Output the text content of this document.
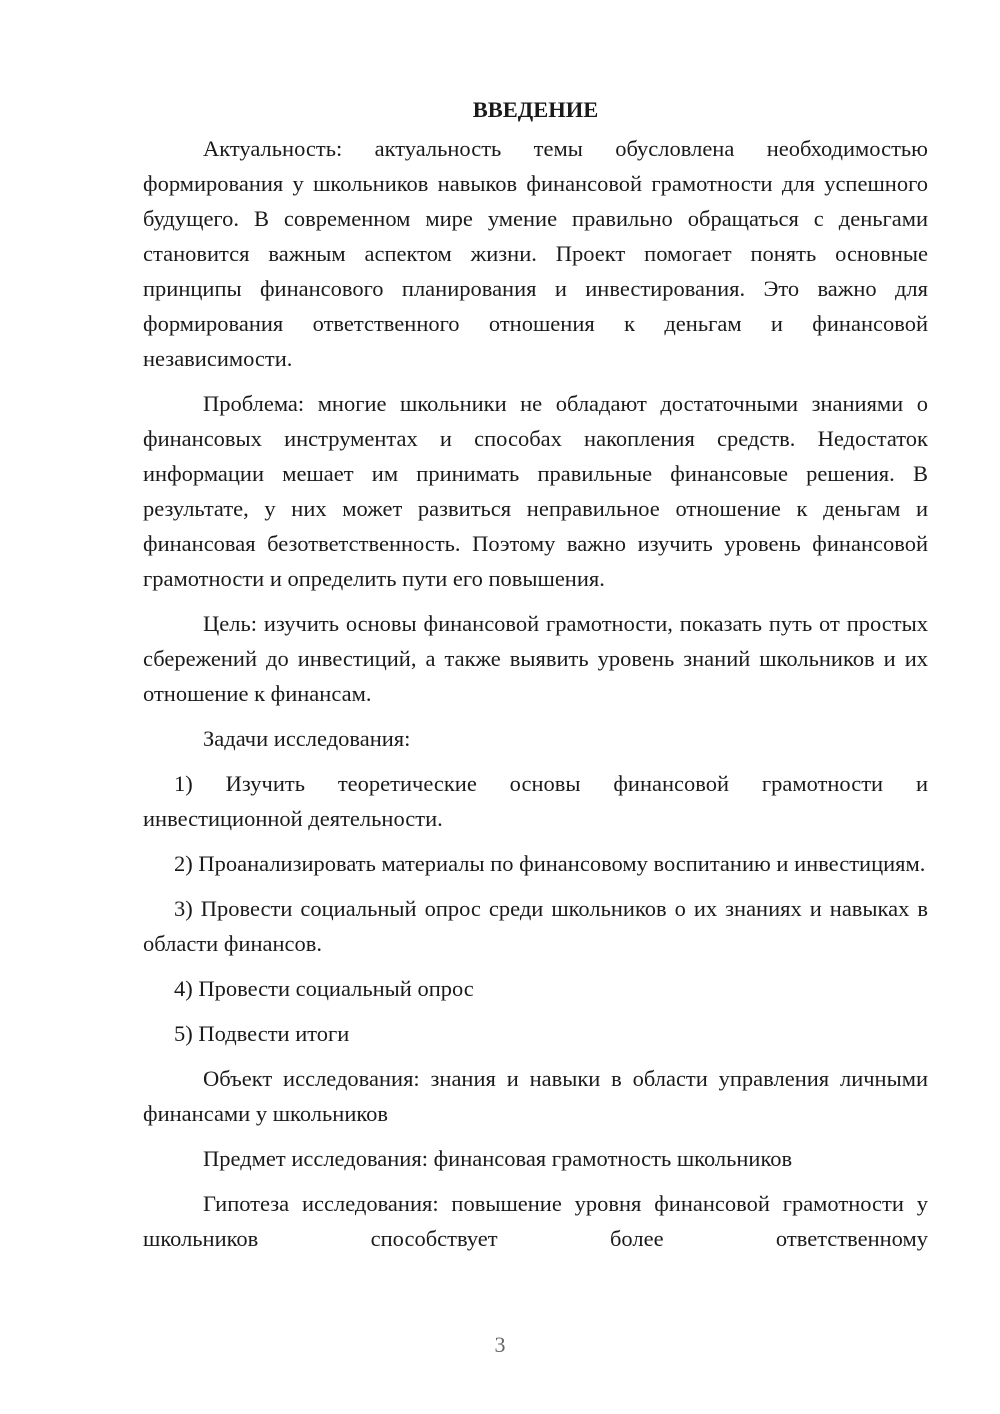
ВВЕДЕНИЕ

Актуальность: актуальность темы обусловлена необходимостью формирования у школьников навыков финансовой грамотности для успешного будущего. В современном мире умение правильно обращаться с деньгами становится важным аспектом жизни. Проект помогает понять основные принципы финансового планирования и инвестирования. Это важно для формирования ответственного отношения к деньгам и финансовой независимости.

Проблема: многие школьники не обладают достаточными знаниями о финансовых инструментах и способах накопления средств. Недостаток информации мешает им принимать правильные финансовые решения. В результате, у них может развиться неправильное отношение к деньгам и финансовая безответственность. Поэтому важно изучить уровень финансовой грамотности и определить пути его повышения.

Цель: изучить основы финансовой грамотности, показать путь от простых сбережений до инвестиций, а также выявить уровень знаний школьников и их отношение к финансам.

Задачи исследования:

1) Изучить теоретические основы финансовой грамотности и инвестиционной деятельности.

2) Проанализировать материалы по финансовому воспитанию и инвестициям.

3) Провести социальный опрос среди школьников о их знаниях и навыках в области финансов.

4) Провести социальный опрос

5) Подвести итоги

Объект исследования: знания и навыки в области управления личными финансами у школьников

Предмет исследования: финансовая грамотность школьников

Гипотеза исследования: повышение уровня финансовой грамотности у школьников способствует более ответственному

3
